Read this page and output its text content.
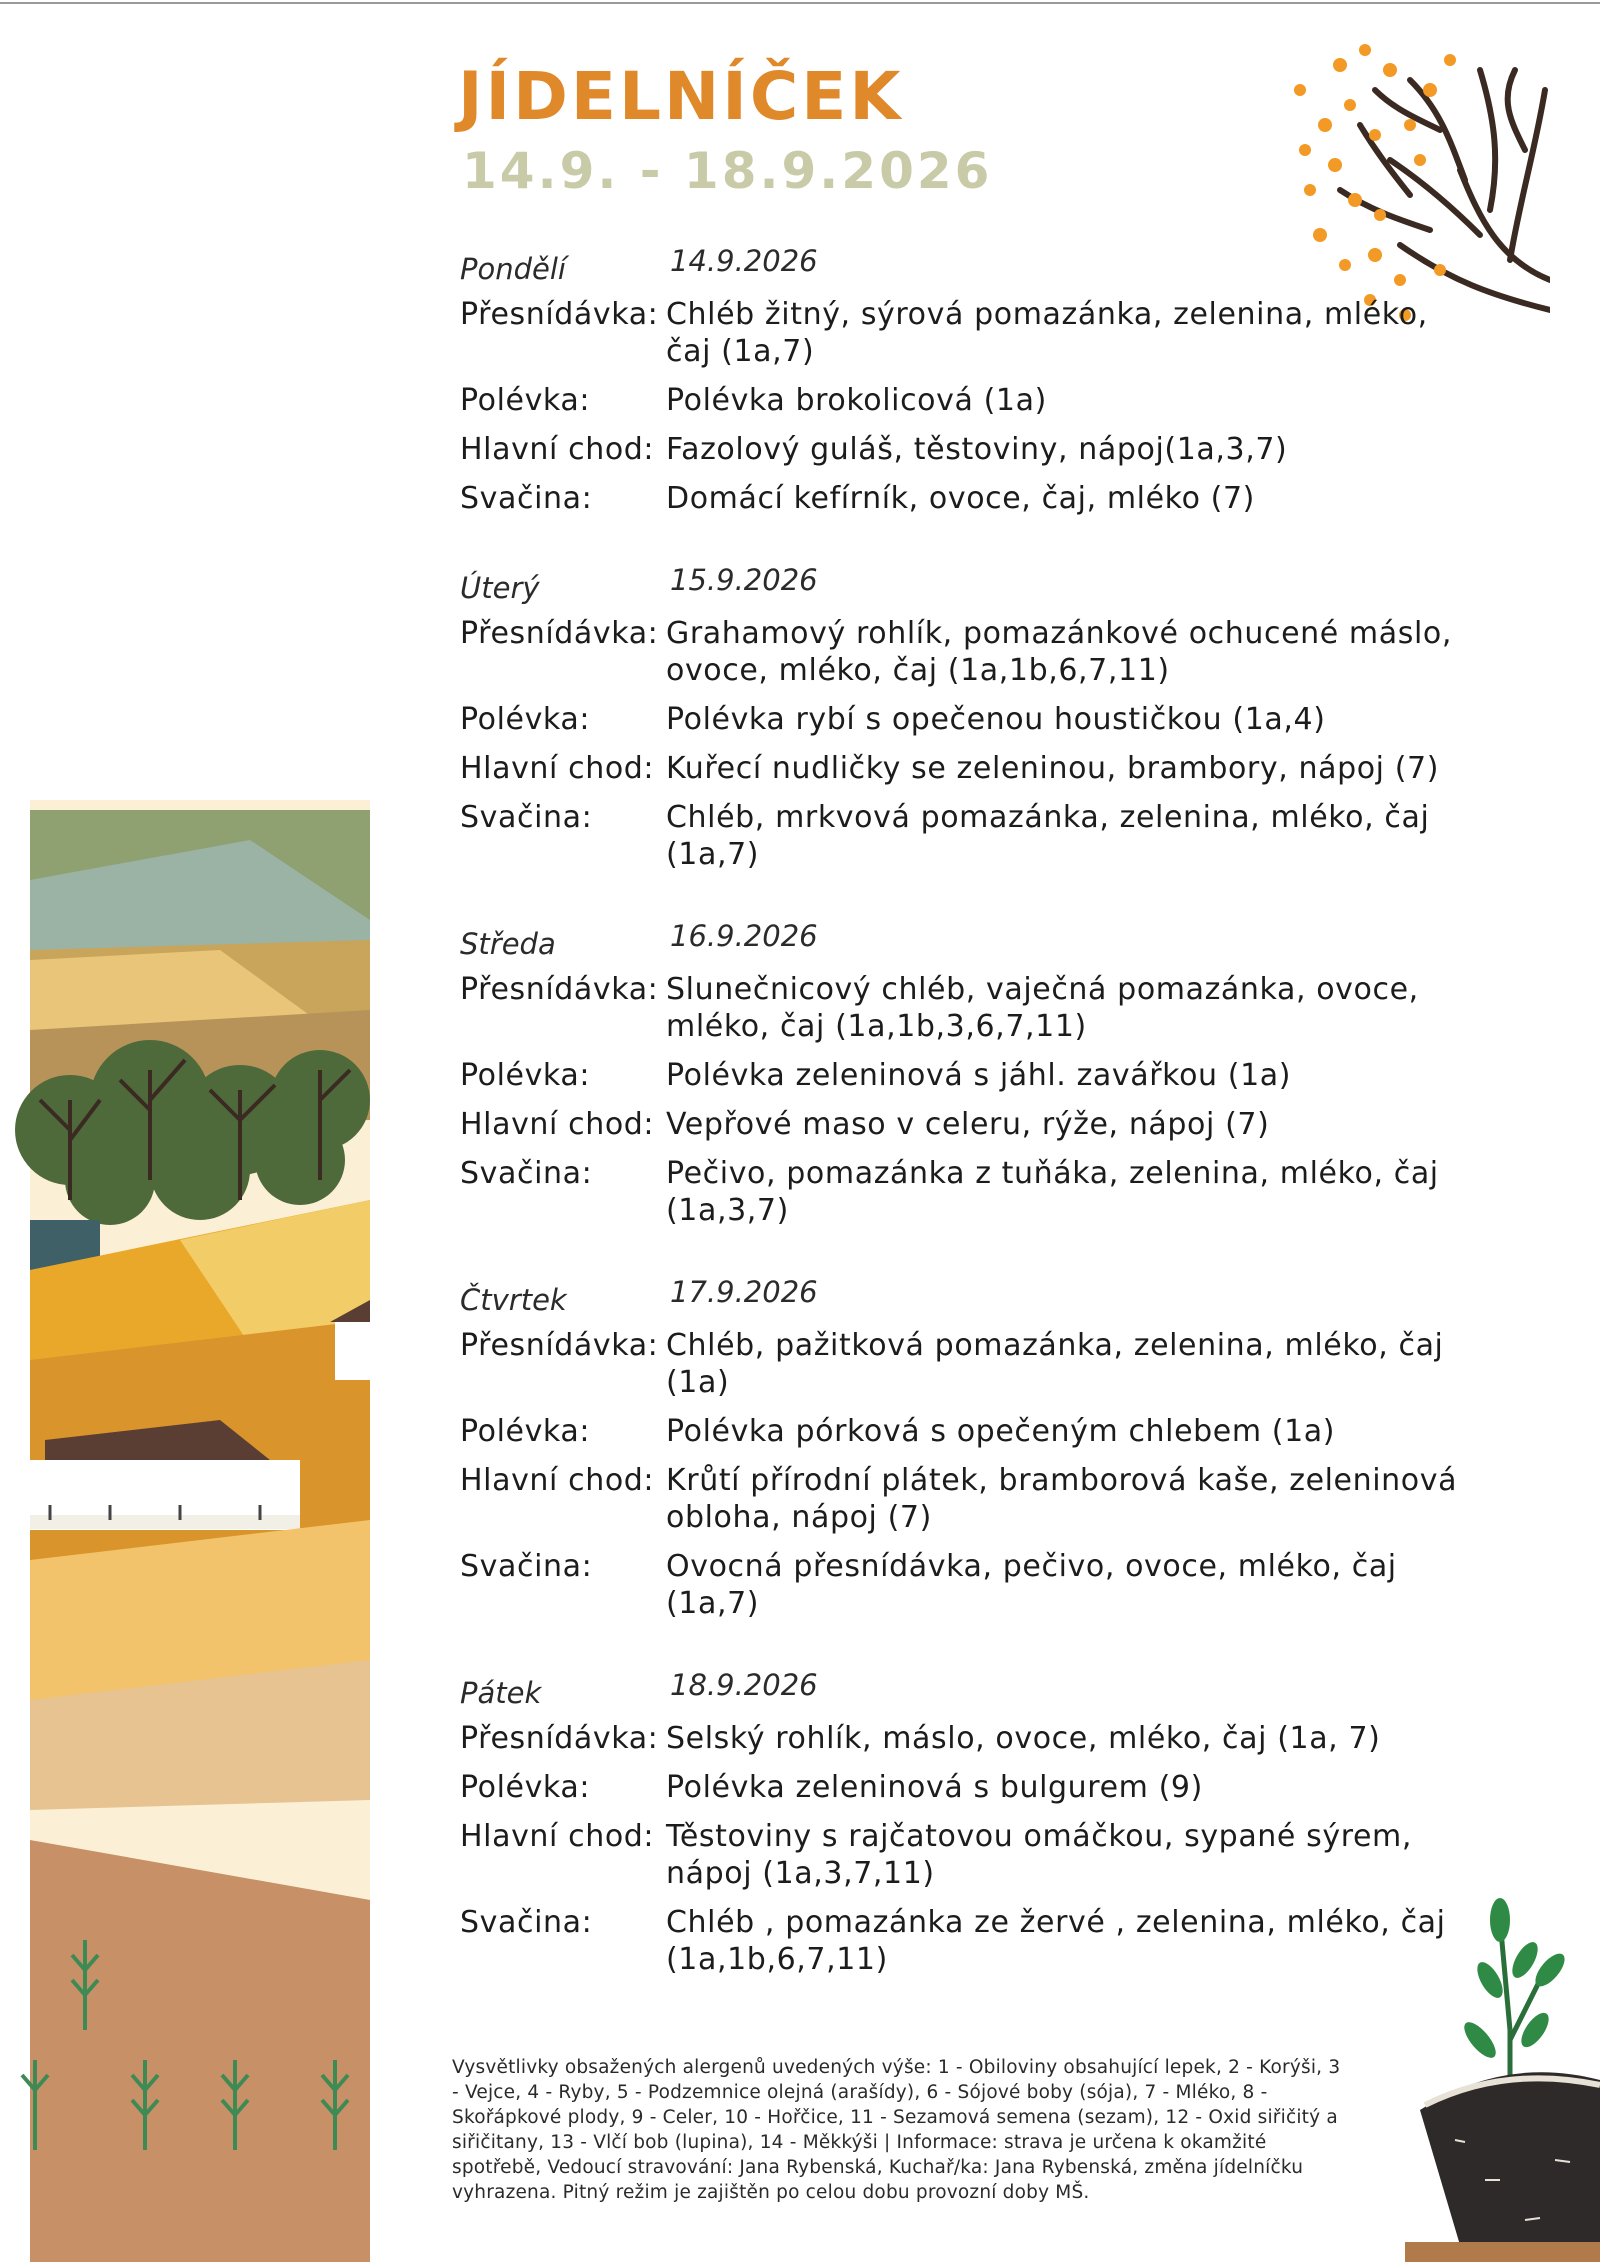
JÍDELNÍČEK
14.9. - 18.9.2026
Pondělí	14.9.2026
Přesnídávka: Chléb žitný, sýrová pomazánka, zelenina, mléko, čaj (1a,7)
Polévka:	Polévka brokolicová (1a)
Hlavní chod: Fazolový guláš, těstoviny, nápoj(1a,3,7)
Svačina:	Domácí kefírník, ovoce, čaj, mléko (7)
Úterý	15.9.2026
Přesnídávka: Grahamový rohlík, pomazánkové ochucené máslo, ovoce, mléko, čaj (1a,1b,6,7,11)
Polévka:	Polévka rybí s opečenou houstičkou (1a,4)
Hlavní chod: Kuřecí nudličky se zeleninou, brambory, nápoj (7)
Svačina:	Chléb, mrkvová pomazánka, zelenina, mléko, čaj (1a,7)
Středa	16.9.2026
Přesnídávka: Slunečnicový chléb, vaječná pomazánka, ovoce, mléko, čaj (1a,1b,3,6,7,11)
Polévka:	Polévka zeleninová s jáhl. zavářkou (1a)
Hlavní chod: Vepřové maso v celeru, rýže, nápoj (7)
Svačina:	Pečivo, pomazánka z tuňáka, zelenina, mléko, čaj (1a,3,7)
Čtvrtek	17.9.2026
Přesnídávka: Chléb, pažitková pomazánka, zelenina, mléko, čaj (1a)
Polévka:	Polévka pórková s opečeným chlebem (1a)
Hlavní chod: Krůtí přírodní plátek, bramborová kaše, zeleninová obloha, nápoj (7)
Svačina:	Ovocná přesnídávka, pečivo, ovoce, mléko, čaj (1a,7)
Pátek	18.9.2026
Přesnídávka: Selský rohlík, máslo, ovoce, mléko, čaj (1a, 7)
Polévka:	Polévka zeleninová s bulgurem (9)
Hlavní chod: Těstoviny s rajčatovou omáčkou, sypané sýrem, nápoj (1a,3,7,11)
Svačina:	Chléb , pomazánka ze žervé , zelenina, mléko, čaj (1a,1b,6,7,11)

Vysvětlivky obsažených alergenů uvedených výše: 1 - Obiloviny obsahující lepek, 2 - Korýši, 3 - Vejce, 4 - Ryby, 5 - Podzemnice olejná (arašídy), 6 - Sójové boby (sója), 7 - Mléko, 8 - Skořápkové plody, 9 - Celer, 10 - Hořčice, 11 - Sezamová semena (sezam), 12 - Oxid siřičitý a siřičitany, 13 - Vlčí bob (lupina), 14 - Měkkýši | Informace: strava je určena k okamžité spotřebě, Vedoucí stravování: Jana Rybenská, Kuchař/ka: Jana Rybenská, změna jídelníčku vyhrazena. Pitný režim je zajištěn po celou dobu provozní doby MŠ.
